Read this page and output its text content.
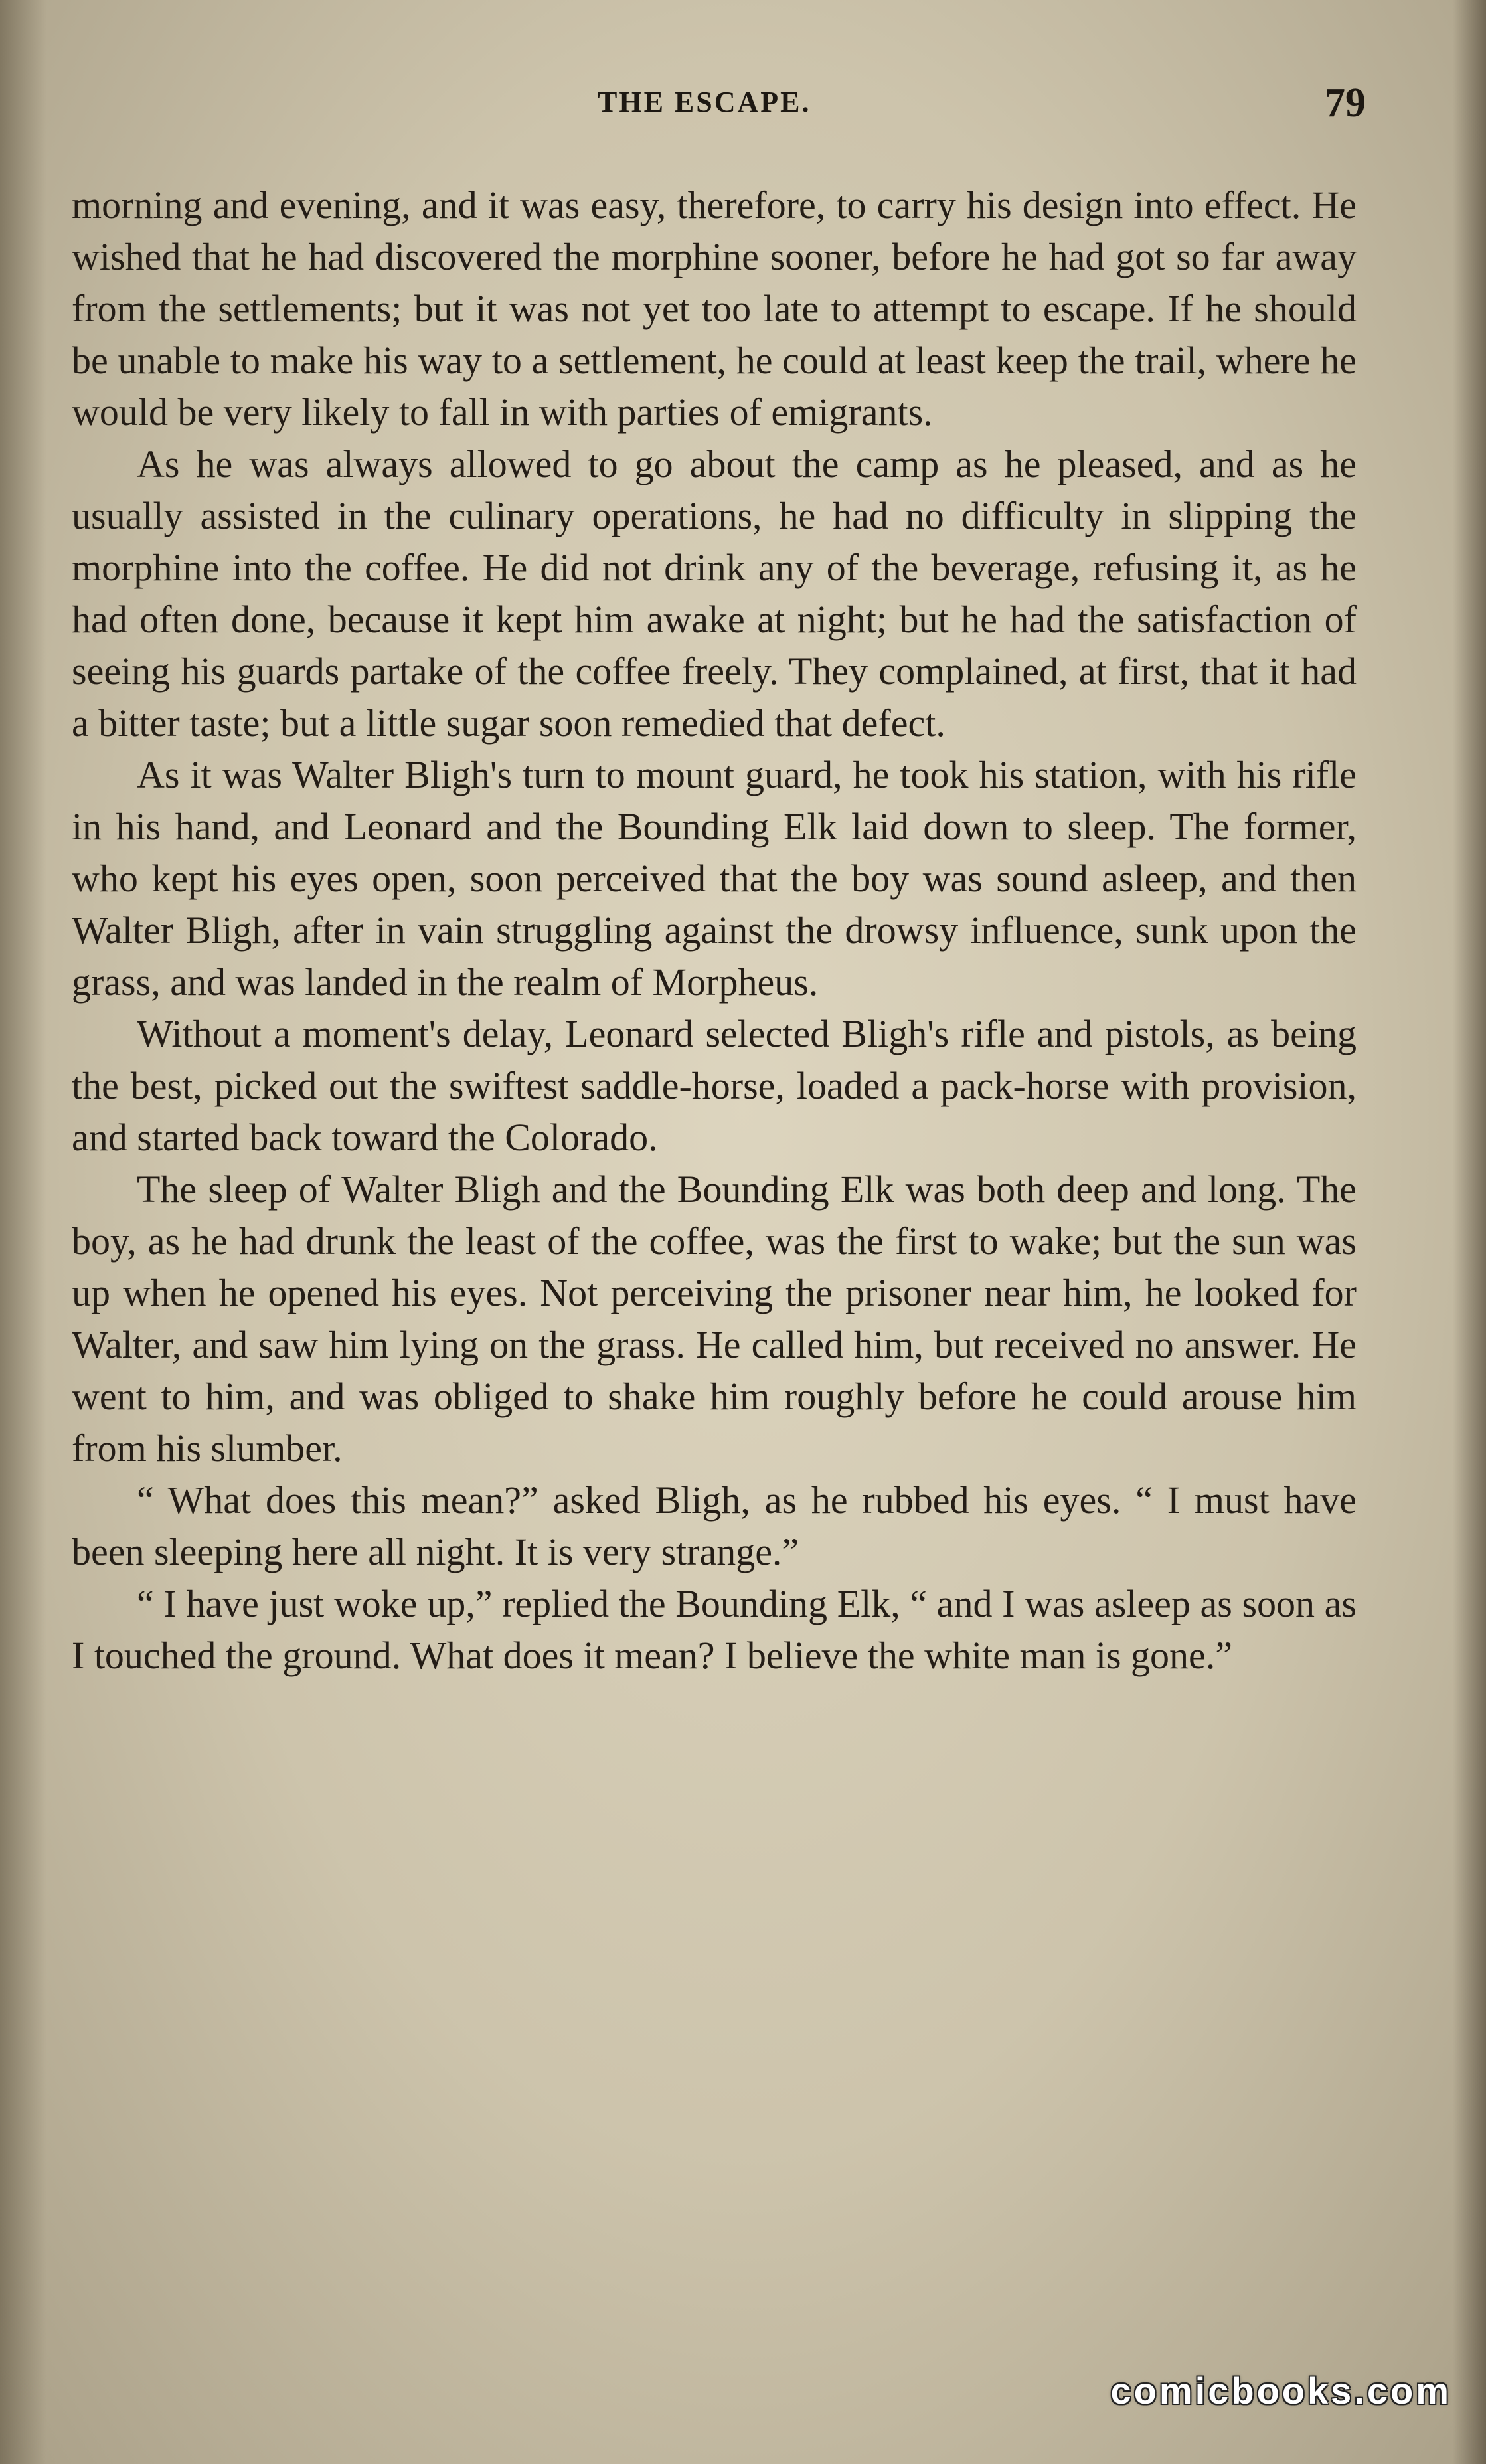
THE ESCAPE.	79

morning and evening, and it was easy, therefore, to carry his design into effect. He wished that he had discovered the morphine sooner, before he had got so far away from the settlements; but it was not yet too late to attempt to escape. If he should be unable to make his way to a settlement, he could at least keep the trail, where he would be very likely to fall in with parties of emigrants.

As he was always allowed to go about the camp as he pleased, and as he usually assisted in the culinary operations, he had no difficulty in slipping the morphine into the coffee. He did not drink any of the beverage, refusing it, as he had often done, because it kept him awake at night; but he had the satisfaction of seeing his guards partake of the coffee freely. They complained, at first, that it had a bitter taste; but a little sugar soon remedied that defect.

As it was Walter Bligh's turn to mount guard, he took his station, with his rifle in his hand, and Leonard and the Bounding Elk laid down to sleep. The former, who kept his eyes open, soon perceived that the boy was sound asleep, and then Walter Bligh, after in vain struggling against the drowsy influence, sunk upon the grass, and was landed in the realm of Morpheus.

Without a moment's delay, Leonard selected Bligh's rifle and pistols, as being the best, picked out the swiftest saddle-horse, loaded a pack-horse with provision, and started back toward the Colorado.

The sleep of Walter Bligh and the Bounding Elk was both deep and long. The boy, as he had drunk the least of the coffee, was the first to wake; but the sun was up when he opened his eyes. Not perceiving the prisoner near him, he looked for Walter, and saw him lying on the grass. He called him, but received no answer. He went to him, and was obliged to shake him roughly before he could arouse him from his slumber.

“ What does this mean?” asked Bligh, as he rubbed his eyes. “ I must have been sleeping here all night. It is very strange.”

“ I have just woke up,” replied the Bounding Elk, “ and I was asleep as soon as I touched the ground. What does it mean? I believe the white man is gone.”

comicbooks.com
